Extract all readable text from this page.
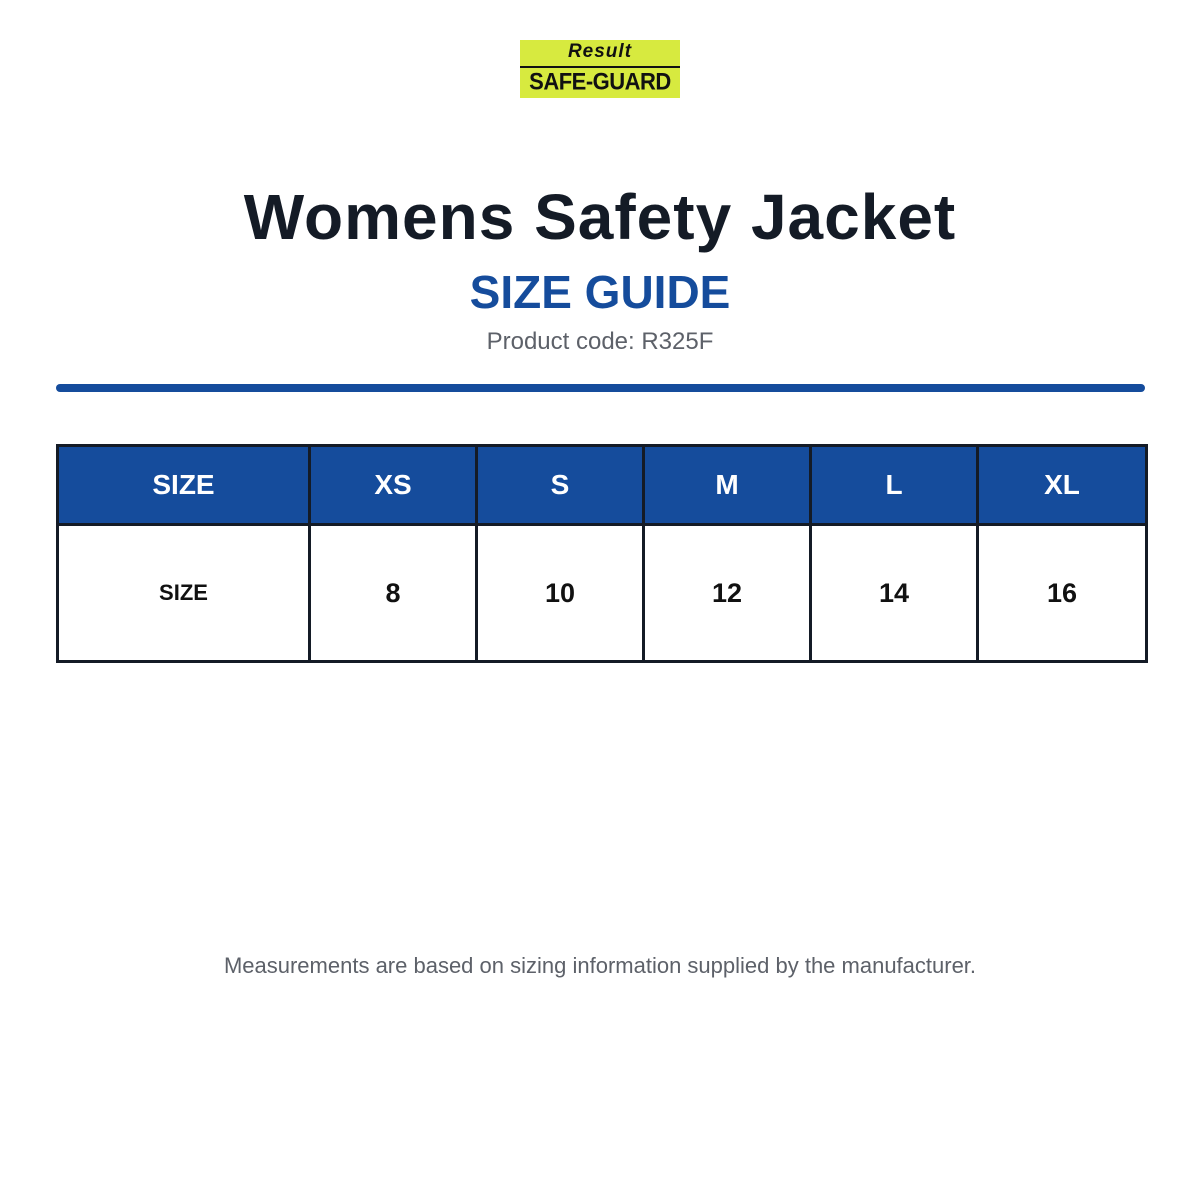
Result
SAFE-GUARD
Womens Safety Jacket
SIZE GUIDE
Product code: R325F
SIZE	XS	S	M	L	XL
SIZE	8	10	12	14	16
Measurements are based on sizing information supplied by the manufacturer.
